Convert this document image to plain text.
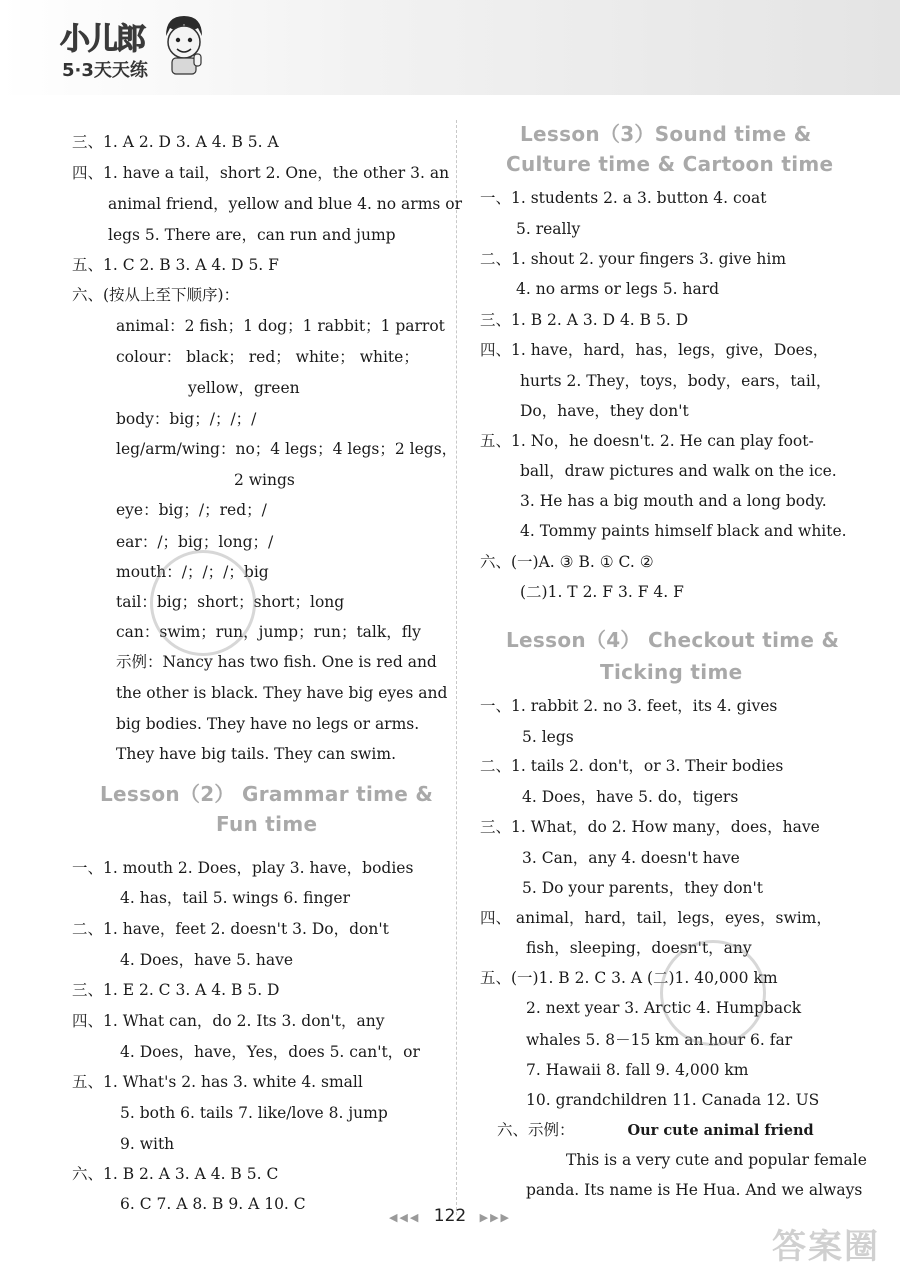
小儿郎
5·3天天练
三、1. A 2. D 3. A 4. B 5. A
四、1. have a tail，short 2. One，the other 3. an
animal friend，yellow and blue 4. no arms or
legs 5. There are，can run and jump
五、1. C 2. B 3. A 4. D 5. F
六、(按从上至下顺序)：
animal：2 fish；1 dog；1 rabbit；1 parrot
colour： black； red； white； white；
yellow，green
body：big；/；/；/
leg/arm/wing：no；4 legs；4 legs；2 legs，
2 wings
eye：big；/；red；/
ear：/；big；long；/
mouth：/；/；/；big
tail：big；short；short；long
can：swim；run，jump；run；talk，fly
示例：Nancy has two fish. One is red and
the other is black. They have big eyes and
big bodies. They have no legs or arms.
They have big tails. They can swim.
一、1. mouth 2. Does，play 3. have，bodies
4. has，tail 5. wings 6. finger
二、1. have，feet 2. doesn't 3. Do，don't
4. Does，have 5. have
三、1. E 2. C 3. A 4. B 5. D
四、1. What can，do 2. Its 3. don't，any
4. Does，have，Yes，does 5. can't，or
五、1. What's 2. has 3. white 4. small
5. both 6. tails 7. like/love 8. jump
9. with
六、1. B 2. A 3. A 4. B 5. C
6. C 7. A 8. B 9. A 10. C
Lesson（2） Grammar time &
Fun time
一、1. students 2. a 3. button 4. coat
5. really
二、1. shout 2. your fingers 3. give him
4. no arms or legs 5. hard
三、1. B 2. A 3. D 4. B 5. D
四、1. have，hard，has，legs，give，Does，
hurts 2. They，toys，body，ears，tail，
Do，have，they don't
五、1. No，he doesn't. 2. He can play foot-
ball，draw pictures and walk on the ice.
3. He has a big mouth and a long body.
4. Tommy paints himself black and white.
六、(一)A. ③ B. ① C. ②
(二)1. T 2. F 3. F 4. F
一、1. rabbit 2. no 3. feet，its 4. gives
5. legs
二、1. tails 2. don't，or 3. Their bodies
4. Does，have 5. do，tigers
三、1. What，do 2. How many，does，have
3. Can，any 4. doesn't have
5. Do your parents，they don't
四、 animal，hard，tail，legs，eyes，swim，
fish，sleeping，doesn't，any
五、(一)1. B 2. C 3. A (二)1. 40,000 km
2. next year 3. Arctic 4. Humpback
whales 5. 8－15 km an hour 6. far
7. Hawaii 8. fall 9. 4,000 km
10. grandchildren 11. Canada 12. US
This is a very cute and popular female
panda. Its name is He Hua. And we always
Lesson（3）Sound time &
Culture time & Cartoon time
Lesson（4） Checkout time &
Ticking time
六、示例：	Our cute animal friend
答案圈
◀◀◀ 122 ▶▶▶
